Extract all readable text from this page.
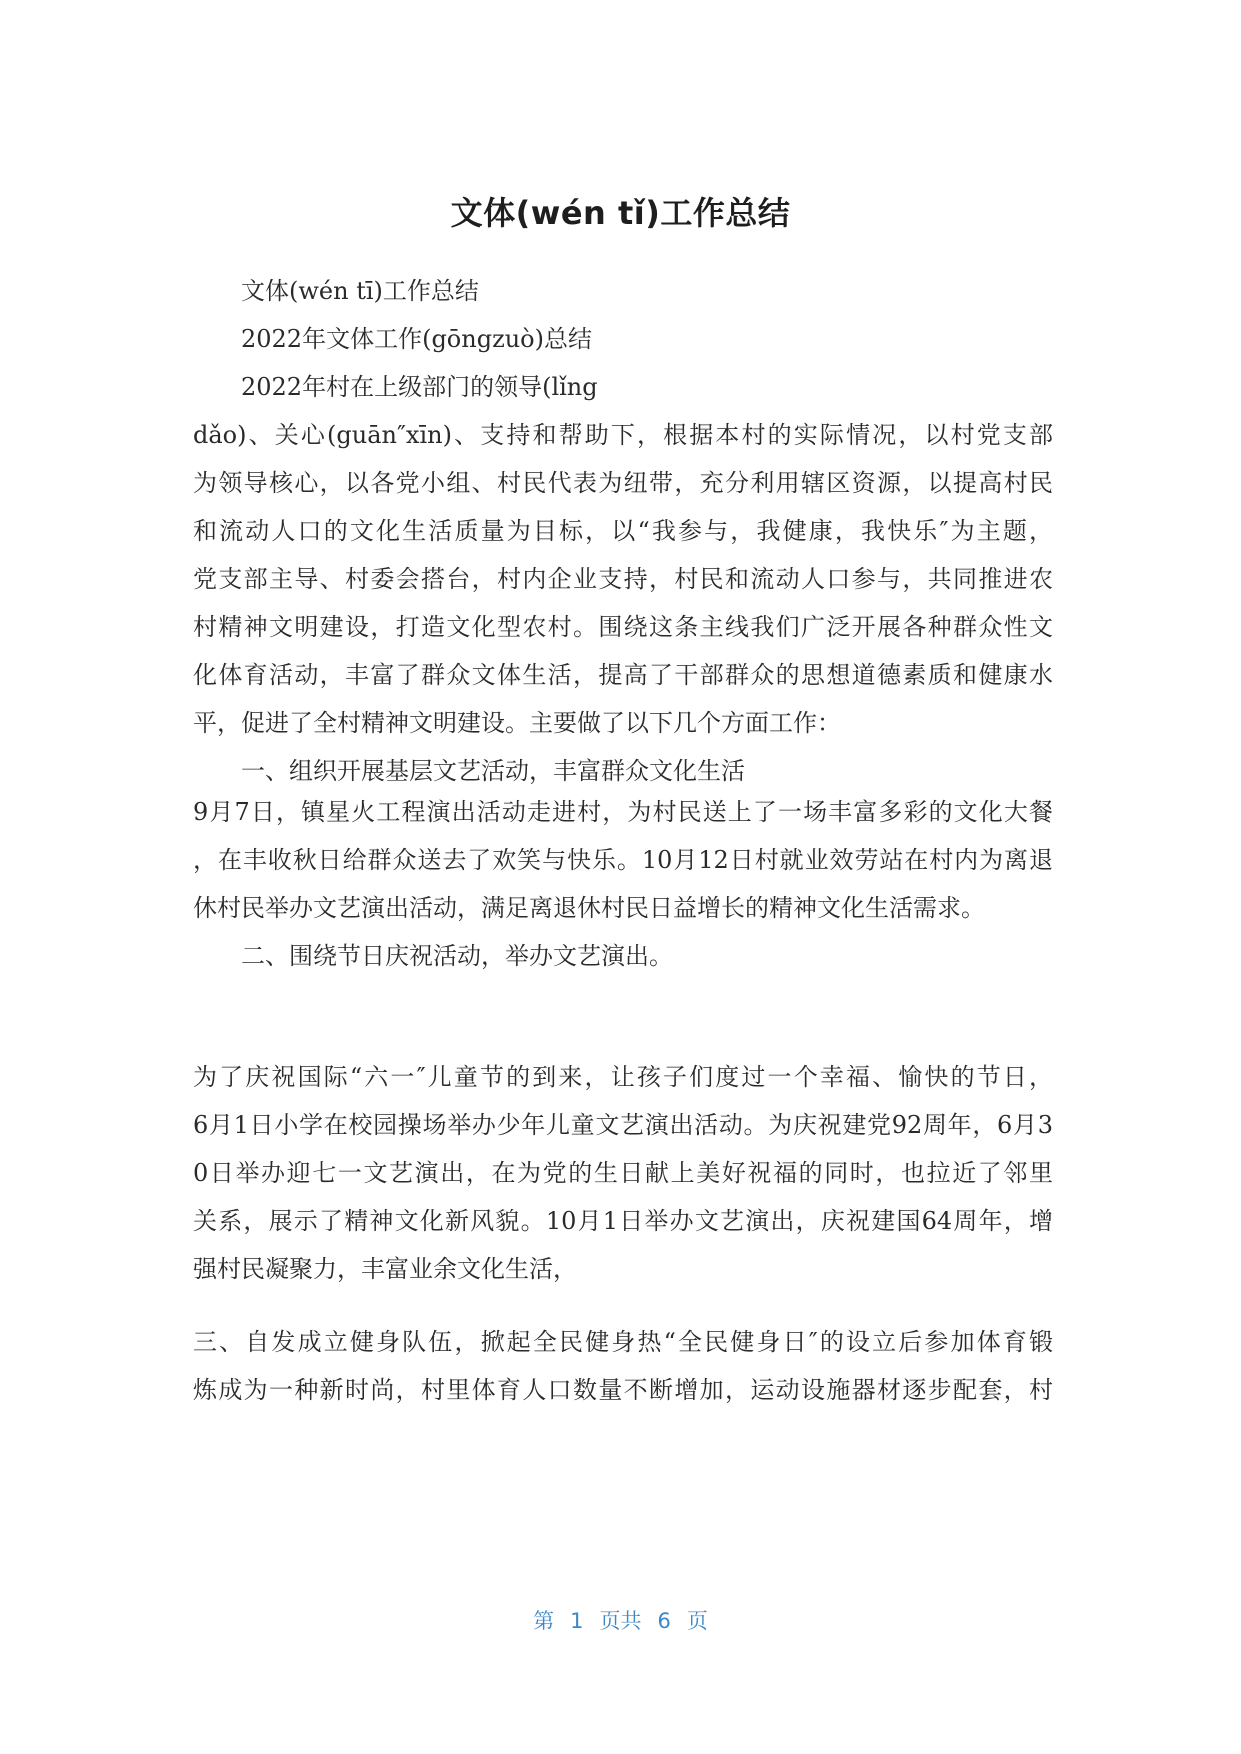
文体(wén tǐ)工作总结
文体(wén tī)工作总结
2022年文体工作(gōngzuò)总结
2022年村在上级部门的领导(lǐng
dǎo)、关心(guān″xīn)、支持和帮助下，根据本村的实际情况，以村党支部
为领导核心，以各党小组、村民代表为纽带，充分利用辖区资源，以提高村民
和流动人口的文化生活质量为目标，以“我参与，我健康，我快乐″为主题，
党支部主导、村委会搭台，村内企业支持，村民和流动人口参与，共同推进农
村精神文明建设，打造文化型农村。围绕这条主线我们广泛开展各种群众性文
化体育活动，丰富了群众文体生活，提高了干部群众的思想道德素质和健康水
平，促进了全村精神文明建设。主要做了以下几个方面工作：
一、组织开展基层文艺活动，丰富群众文化生活
9月7日，镇星火工程演出活动走进村，为村民送上了一场丰富多彩的文化大餐
，在丰收秋日给群众送去了欢笑与快乐。10月12日村就业效劳站在村内为离退
休村民举办文艺演出活动，满足离退休村民日益增长的精神文化生活需求。
二、围绕节日庆祝活动，举办文艺演出。
为了庆祝国际“六一″儿童节的到来，让孩子们度过一个幸福、愉快的节日，
6月1日小学在校园操场举办少年儿童文艺演出活动。为庆祝建党92周年，6月3
0日举办迎七一文艺演出，在为党的生日献上美好祝福的同时，也拉近了邻里
关系，展示了精神文化新风貌。10月1日举办文艺演出，庆祝建国64周年，增
强村民凝聚力，丰富业余文化生活，
三、自发成立健身队伍，掀起全民健身热“全民健身日″的设立后参加体育锻
炼成为一种新时尚，村里体育人口数量不断增加，运动设施器材逐步配套，村
第 1 页共 6 页
